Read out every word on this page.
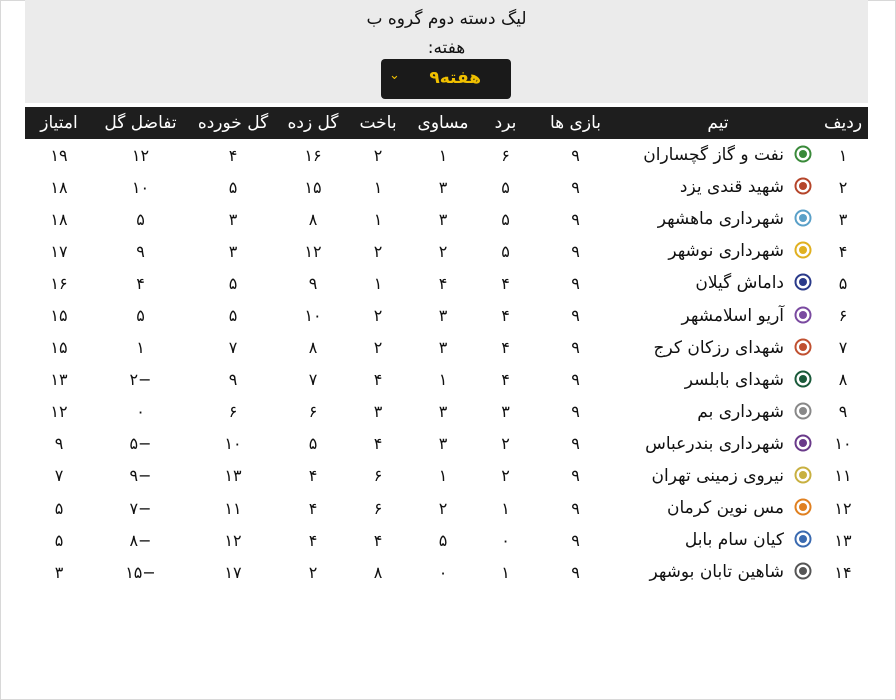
لیگ دسته دوم گروه ب
هفته:
هفته۹
⌄
ردیف	تیم	بازی ها	برد	مساوی	باخت	گل زده	گل خورده	تفاضل گل	امتیاز
۱	نفت و گاز گچساران	۹	۶	۱	۲	۱۶	۴	۱۲	۱۹
۲	شهید قندی یزد	۹	۵	۳	۱	۱۵	۵	۱۰	۱۸
۳	شهرداری ماهشهر	۹	۵	۳	۱	۸	۳	۵	۱۸
۴	شهرداری نوشهر	۹	۵	۲	۲	۱۲	۳	۹	۱۷
۵	داماش گیلان	۹	۴	۴	۱	۹	۵	۴	۱۶
۶	آریو اسلامشهر	۹	۴	۳	۲	۱۰	۵	۵	۱۵
۷	شهدای رزکان کرج	۹	۴	۳	۲	۸	۷	۱	۱۵
۸	شهدای بابلسر	۹	۴	۱	۴	۷	۹	−۲	۱۳
۹	شهرداری بم	۹	۳	۳	۳	۶	۶	۰	۱۲
۱۰	شهرداری بندرعباس	۹	۲	۳	۴	۵	۱۰	−۵	۹
۱۱	نیروی زمینی تهران	۹	۲	۱	۶	۴	۱۳	−۹	۷
۱۲	مس نوین کرمان	۹	۱	۲	۶	۴	۱۱	−۷	۵
۱۳	کیان سام بابل	۹	۰	۵	۴	۴	۱۲	−۸	۵
۱۴	شاهین تابان بوشهر	۹	۱	۰	۸	۲	۱۷	−۱۵	۳
